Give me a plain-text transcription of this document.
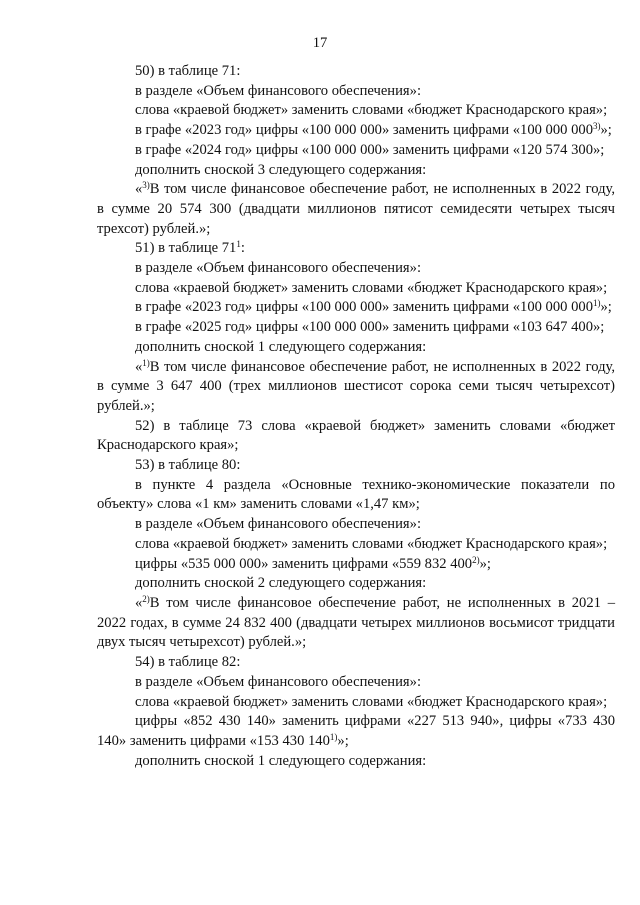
17

50) в таблице 71:

в разделе «Объем финансового обеспечения»:

слова «краевой бюджет» заменить словами «бюджет Краснодарского края»;

в графе «2023 год» цифры «100 000 000» заменить цифрами «100 000 000$^{3)}$»;

в графе «2024 год» цифры «100 000 000» заменить цифрами «120 574 300»;

дополнить сноской 3 следующего содержания:

«$^{3)}$В том числе финансовое обеспечение работ, не исполненных в 2022 году, в сумме 20 574 300 (двадцати миллионов пятисот семидесяти четырех тысяч трехсот) рублей.»;

51) в таблице $71^1$:

в разделе «Объем финансового обеспечения»:

слова «краевой бюджет» заменить словами «бюджет Краснодарского края»;

в графе «2023 год» цифры «100 000 000» заменить цифрами «100 000 000$^{1)}$»;

в графе «2025 год» цифры «100 000 000» заменить цифрами «103 647 400»;

дополнить сноской 1 следующего содержания:

«$^{1)}$В том числе финансовое обеспечение работ, не исполненных в 2022 году, в сумме 3 647 400 (трех миллионов шестисот сорока семи тысяч четырехсот) рублей.»;

52) в таблице 73 слова «краевой бюджет» заменить словами «бюджет Краснодарского края»;

53) в таблице 80:

в пункте 4 раздела «Основные технико-экономические показатели по объекту» слова «1 км» заменить словами «1,47 км»;

в разделе «Объем финансового обеспечения»:

слова «краевой бюджет» заменить словами «бюджет Краснодарского края»;

цифры «535 000 000» заменить цифрами «559 832 400$^{2)}$»;

дополнить сноской 2 следующего содержания:

«$^{2)}$В том числе финансовое обеспечение работ, не исполненных в 2021 – 2022 годах, в сумме 24 832 400 (двадцати четырех миллионов восьмисот тридцати двух тысяч четырехсот) рублей.»;

54) в таблице 82:

в разделе «Объем финансового обеспечения»:

слова «краевой бюджет» заменить словами «бюджет Краснодарского края»;

цифры «852 430 140» заменить цифрами «227 513 940», цифры «733 430 140» заменить цифрами «153 430 140$^{1)}$»;

дополнить сноской 1 следующего содержания:
